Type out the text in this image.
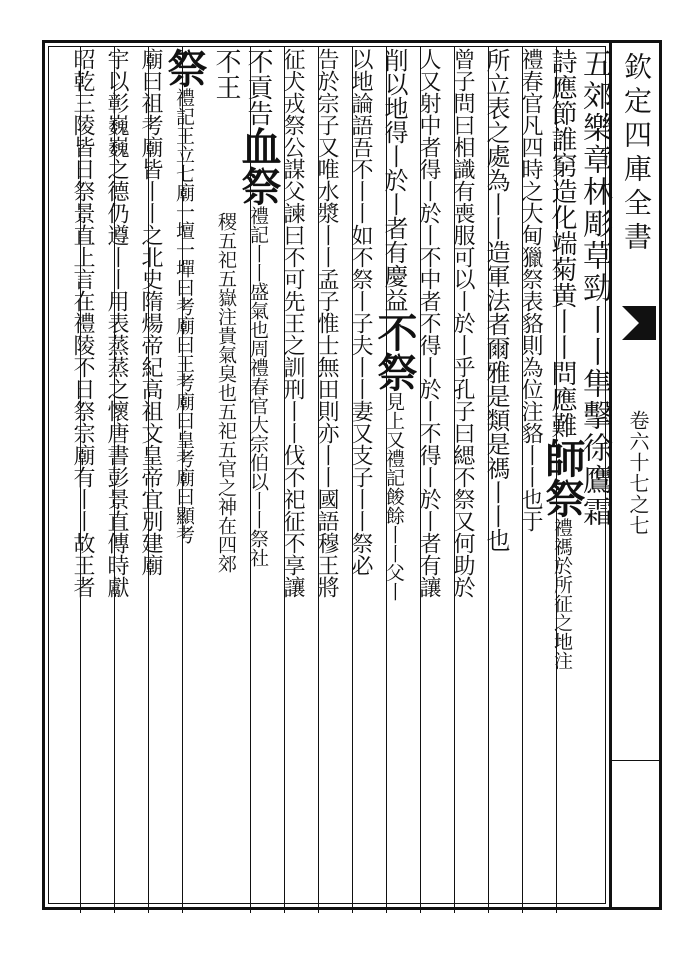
五郊樂章林彫草勁丨丨隼擊徐鷹霜
詩應節誰窮造化端菊黄丨丨問應難師祭禮禡於所征之地注
禮春官凡四時之大甸獵祭表貉則為位注貉丨丨也于
所立表之處為丨丨造軍法者爾雅是類是禡丨丨也
曾子問曰相識有喪服可以丨於丨乎孔子曰緦不祭又何助於
人又射中者得丨於丨不中者不得丨於丨不得丨於丨者有讓
削以地得丨於丨者有慶益不祭見上又禮記餕餘丨丨父丨
以地論語吾不丨丨如不祭丨子夫丨丨妻又支子丨丨祭必
告於宗子又唯水漿丨丨孟子惟士無田則亦丨丨國語穆王將
征犬戎祭公謀父諫曰不可先王之訓刑丨丨伐不祀征不享讓
不貢告血祭禮記丨丨盛氣也周禮春官大宗伯以丨丨祭社
不王稷五祀五嶽注貴氣臭也五祀五官之神在四郊
祭禮記王立七廟一壇一墠曰考廟曰王考廟曰皇考廟曰顯考
廟曰祖考廟皆丨丨之北史隋煬帝紀高祖文皇帝宜別建廟
宇以彰巍巍之德仍遵丨丨用表蒸蒸之懷唐書彭景直傳時獻
昭乾三陵皆日祭景直上言在禮陵不日祭宗廟有丨丨故王者	欽定四庫全書
卷六十七之七
